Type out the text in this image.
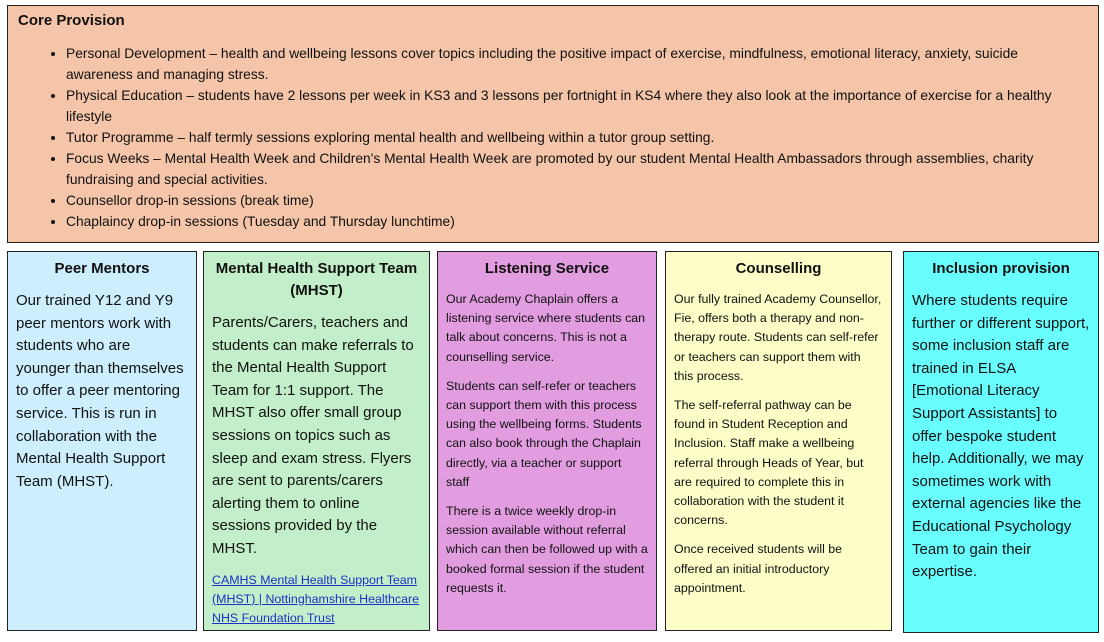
Core Provision
• Personal Development – health and wellbeing lessons cover topics including the positive impact of exercise, mindfulness, emotional literacy, anxiety, suicide awareness and managing stress.
• Physical Education – students have 2 lessons per week in KS3 and 3 lessons per fortnight in KS4 where they also look at the importance of exercise for a healthy lifestyle
• Tutor Programme – half termly sessions exploring mental health and wellbeing within a tutor group setting.
• Focus Weeks – Mental Health Week and Children's Mental Health Week are promoted by our student Mental Health Ambassadors through assemblies, charity fundraising and special activities.
• Counsellor drop-in sessions (break time)
• Chaplaincy drop-in sessions (Tuesday and Thursday lunchtime)
Peer Mentors

Our trained Y12 and Y9 peer mentors work with students who are younger than themselves to offer a peer mentoring service. This is run in collaboration with the Mental Health Support Team (MHST).

Mental Health Support Team (MHST)

Parents/Carers, teachers and students can make referrals to the Mental Health Support Team for 1:1 support. The MHST also offer small group sessions on topics such as sleep and exam stress. Flyers are sent to parents/carers alerting them to online sessions provided by the MHST.

CAMHS Mental Health Support Team (MHST) | Nottinghamshire Healthcare NHS Foundation Trust
Listening Service

Our Academy Chaplain offers a listening service where students can talk about concerns. This is not a counselling service.

Students can self-refer or teachers can support them with this process using the wellbeing forms. Students can also book through the Chaplain directly, via a teacher or support staff

There is a twice weekly drop-in session available without referral which can then be followed up with a booked formal session if the student requests it.

Counselling

Our fully trained Academy Counsellor, Fie, offers both a therapy and non-therapy route. Students can self-refer or teachers can support them with this process.

The self-referral pathway can be found in Student Reception and Inclusion. Staff make a wellbeing referral through Heads of Year, but are required to complete this in collaboration with the student it concerns.

Once received students will be offered an initial introductory appointment.

Inclusion provision

Where students require further or different support, some inclusion staff are trained in ELSA [Emotional Literacy Support Assistants] to offer bespoke student help. Additionally, we may sometimes work with external agencies like the Educational Psychology Team to gain their expertise.
